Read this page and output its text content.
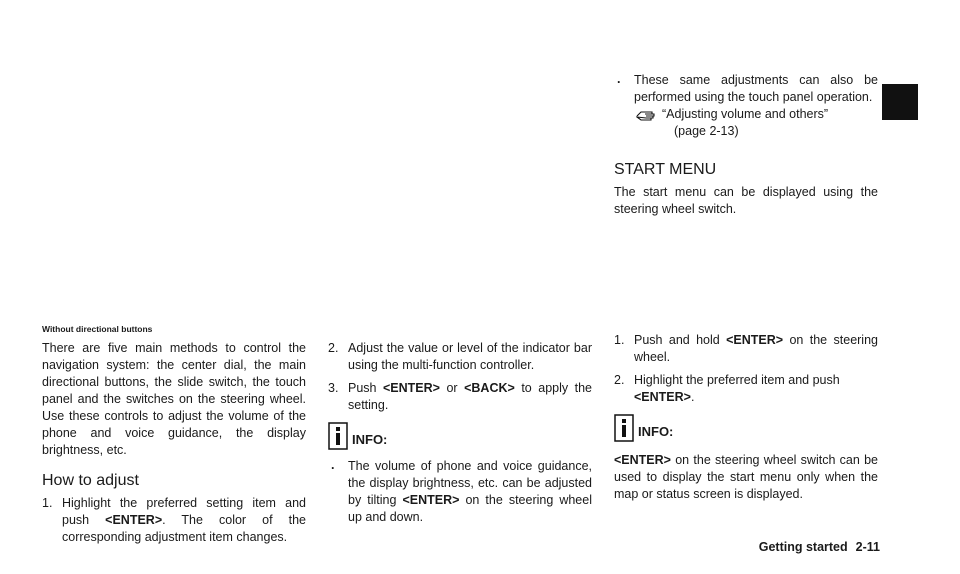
Without directional buttons

There are five main methods to control the navigation system: the center dial, the main directional buttons, the slide switch, the touch panel and the switches on the steering wheel. Use these controls to adjust the volume of the phone and voice guidance, the display brightness, etc.

How to adjust

1. Highlight the preferred setting item and push <ENTER>. The color of the corresponding adjustment item changes.

2. Adjust the value or level of the indicator bar using the multi-function controller.

3. Push <ENTER> or <BACK> to apply the setting.

INFO:

. The volume of phone and voice guidance, the display brightness, etc. can be adjusted by tilting <ENTER> on the steering wheel up and down.

. These same adjustments can also be performed using the touch panel operation.

“Adjusting volume and others”
(page 2-13)
START MENU

The start menu can be displayed using the steering wheel switch.

1. Push and hold <ENTER> on the steering wheel.

2. Highlight the preferred item and push <ENTER>.

INFO:

<ENTER> on the steering wheel switch can be used to display the start menu only when the map or status screen is displayed.

Getting started 2-11
